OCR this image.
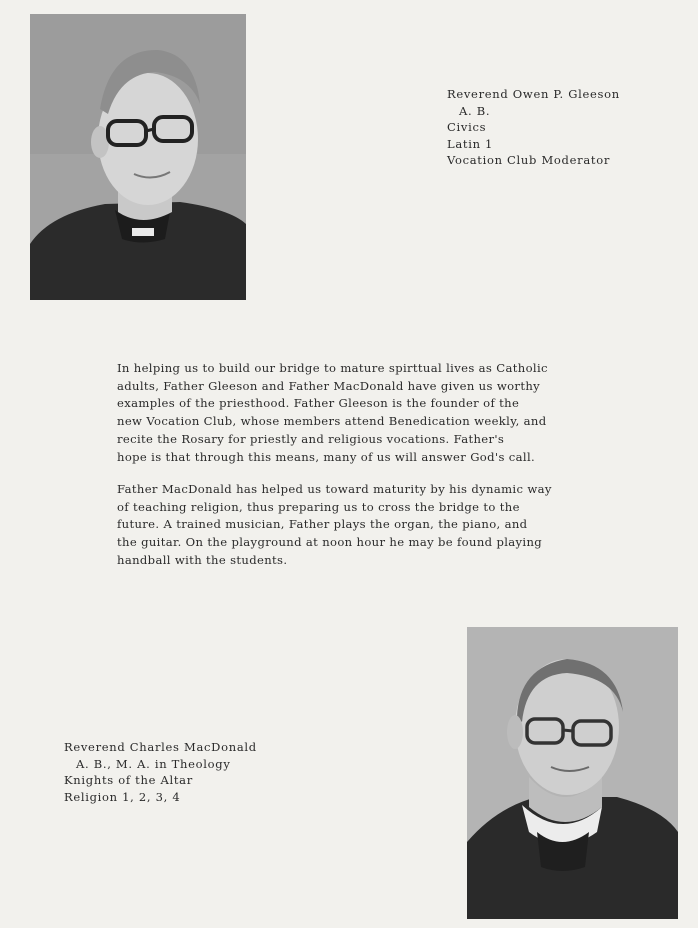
Reverend Owen P. Gleeson
A. B.
Civics
Latin 1
Vocation Club Moderator
In helping us to build our bridge to mature spirttual lives as Catholic
adults, Father Gleeson and Father MacDonald have given us worthy
examples of the priesthood. Father Gleeson is the founder of the
new Vocation Club, whose members attend Benedication weekly, and
recite the Rosary for priestly and religious vocations. Father's
hope is that through this means, many of us will answer God's call.
Father MacDonald has helped us toward maturity by his dynamic way
of teaching religion, thus preparing us to cross the bridge to the
future. A trained musician, Father plays the organ, the piano, and
the guitar. On the playground at noon hour he may be found playing
handball with the students.
Reverend Charles MacDonald
A. B., M. A. in Theology
Knights of the Altar
Religion 1, 2, 3, 4
